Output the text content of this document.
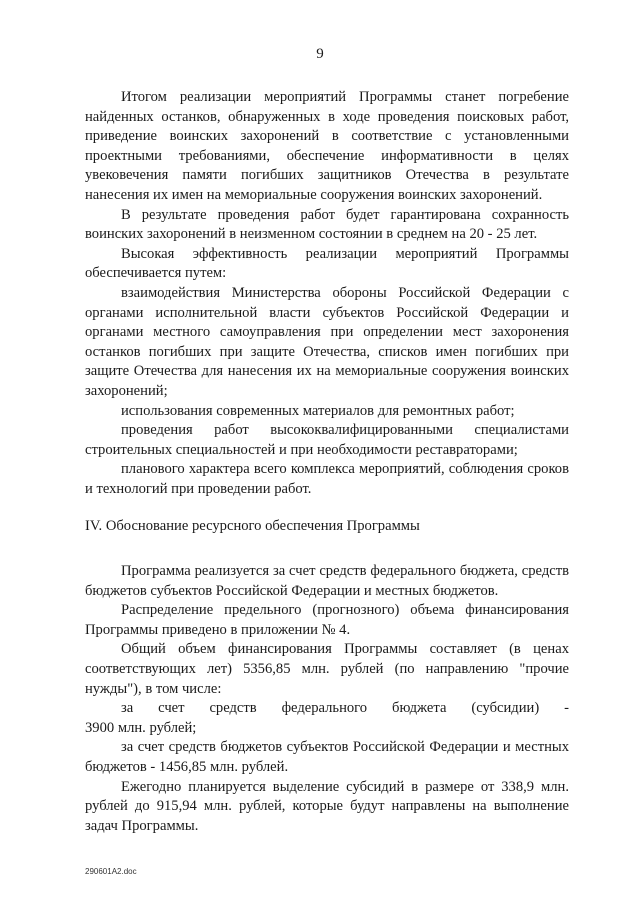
9

Итогом реализации мероприятий Программы станет погребение найденных останков, обнаруженных в ходе проведения поисковых работ, приведение воинских захоронений в соответствие с установленными проектными требованиями, обеспечение информативности в целях увековечения памяти погибших защитников Отечества в результате нанесения их имен на мемориальные сооружения воинских захоронений.

В результате проведения работ будет гарантирована сохранность воинских захоронений в неизменном состоянии в среднем на 20 - 25 лет.

Высокая эффективность реализации мероприятий Программы обеспечивается путем:

взаимодействия Министерства обороны Российской Федерации с органами исполнительной власти субъектов Российской Федерации и органами местного самоуправления при определении мест захоронения останков погибших при защите Отечества, списков имен погибших при защите Отечества для нанесения их на мемориальные сооружения воинских захоронений;

использования современных материалов для ремонтных работ;

проведения работ высококвалифицированными специалистами строительных специальностей и при необходимости реставраторами;

планового характера всего комплекса мероприятий, соблюдения сроков и технологий при проведении работ.

IV. Обоснование ресурсного обеспечения Программы

Программа реализуется за счет средств федерального бюджета, средств бюджетов субъектов Российской Федерации и местных бюджетов.

Распределение предельного (прогнозного) объема финансирования Программы приведено в приложении № 4.

Общий объем финансирования Программы составляет (в ценах соответствующих лет) 5356,85 млн. рублей (по направлению "прочие нужды"), в том числе:

за счет средств федерального бюджета (субсидии) -

3900 млн. рублей;

за счет средств бюджетов субъектов Российской Федерации и местных бюджетов - 1456,85 млн. рублей.

Ежегодно планируется выделение субсидий в размере от 338,9 млн. рублей до 915,94 млн. рублей, которые будут направлены на выполнение задач Программы.

290601A2.doc
